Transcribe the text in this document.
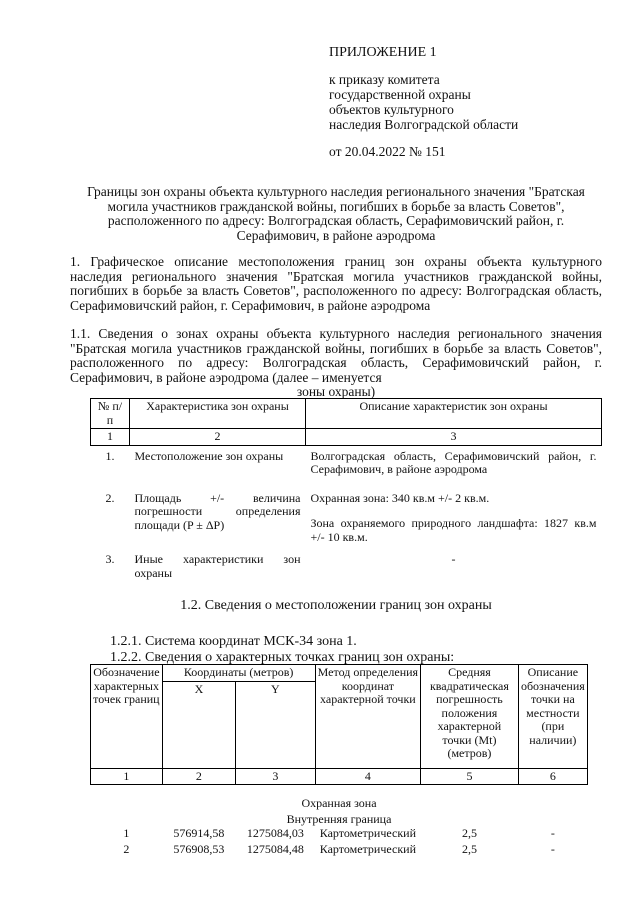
ПРИЛОЖЕНИЕ 1
к приказу комитета
государственной охраны
объектов культурного
наследия Волгоградской области
от 20.04.2022 № 151
Границы зон охраны объекта культурного наследия регионального значения "Братская могила участников гражданской войны, погибших в борьбе за власть Советов", расположенного по адресу: Волгоградская область, Серафимовичский район, г. Серафимович, в районе аэродрома
1. Графическое описание местоположения границ зон охраны объекта культурного наследия регионального значения "Братская могила участников гражданской войны, погибших в борьбе за власть Советов", расположенного по адресу: Волгоградская область, Серафимовичский район, г. Серафимович, в районе аэродрома
1.1. Сведения о зонах охраны объекта культурного наследия регионального значения "Братская могила участников гражданской войны, погибших в борьбе за власть Советов", расположенного по адресу: Волгоградская область, Серафимовичский район, г. Серафимович, в районе аэродрома (далее – именуется
зоны охраны)
№ п/п	Характеристика зон охраны	Описание характеристик зон охраны
1	2	3
1.	Местоположение зон охраны	Волгоградская область, Серафимовичский район, г. Серафимович, в районе аэродрома
2.	Площадь +/- величина погрешности определения площади (P ± ΔP)	Охранная зона: 340 кв.м +/- 2 кв.м.
Зона охраняемого природного ландшафта: 1827 кв.м +/- 10 кв.м.

3.	Иные характеристики зон охраны	-
1.2. Сведения о местоположении границ зон охраны
1.2.1. Система координат МСК-34 зона 1.
1.2.2. Сведения о характерных точках границ зон охраны:
Обозначение характерных точек границ	Координаты (метров)		Метод определения координат характерной точки	Средняя квадратическая погрешность положения характерной точки (Mt) (метров)	Описание обозначения точки на местности (при наличии)
	X	Y			
1	2	3	4	5	6
Охранная зона					
Внутренняя граница					
1	576914,58	1275084,03	Картометрический	2,5	-
2	576908,53	1275084,48	Картометрический	2,5	-
